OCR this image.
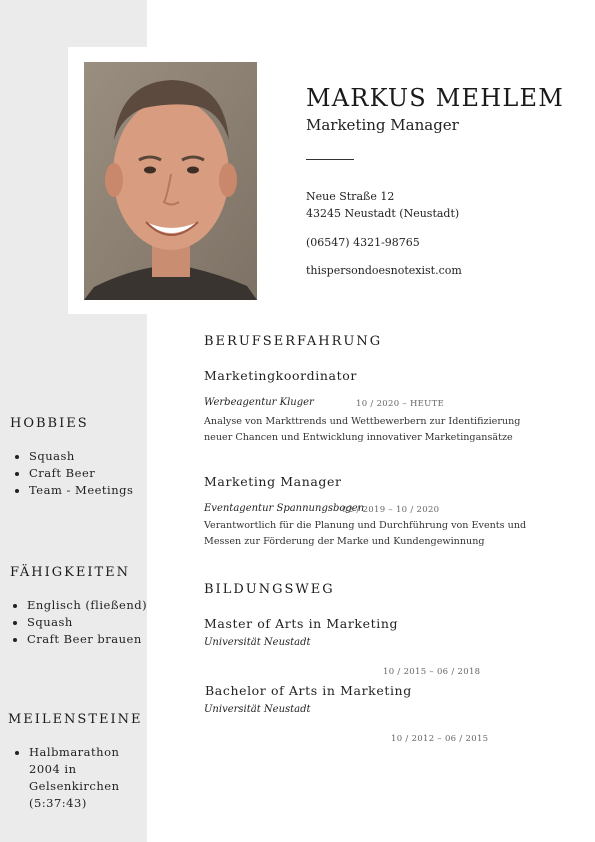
MARKUS MEHLEM
Marketing Manager
Neue Straße 12
43245 Neustadt (Neustadt)
(06547) 4321-98765
thispersondoesnotexist.com
HOBBIES
• Squash
• Craft Beer
• Team - Meetings
FÄHIGKEITEN
• Englisch (fließend)
• Squash
• Craft Beer brauen
MEILENSTEINE
• Halbmarathon 2004 in Gelsenkirchen (5:37:43)
BERUFSERFAHRUNG
Marketingkoordinator
Werbeagentur Kluger	10 / 2020 – HEUTE
Analyse von Markttrends und Wettbewerbern zur Identifizierung neuer Chancen und Entwicklung innovativer Marketingansätze
Marketing Manager
Eventagentur Spannungsbogen
02 / 2019 – 10 / 2020
Verantwortlich für die Planung und Durchführung von Events und Messen zur Förderung der Marke und Kundengewinnung
BILDUNGSWEG
Master of Arts in Marketing
Universität Neustadt
10 / 2015 – 06 / 2018
Bachelor of Arts in Marketing
Universität Neustadt
10 / 2012 – 06 / 2015
